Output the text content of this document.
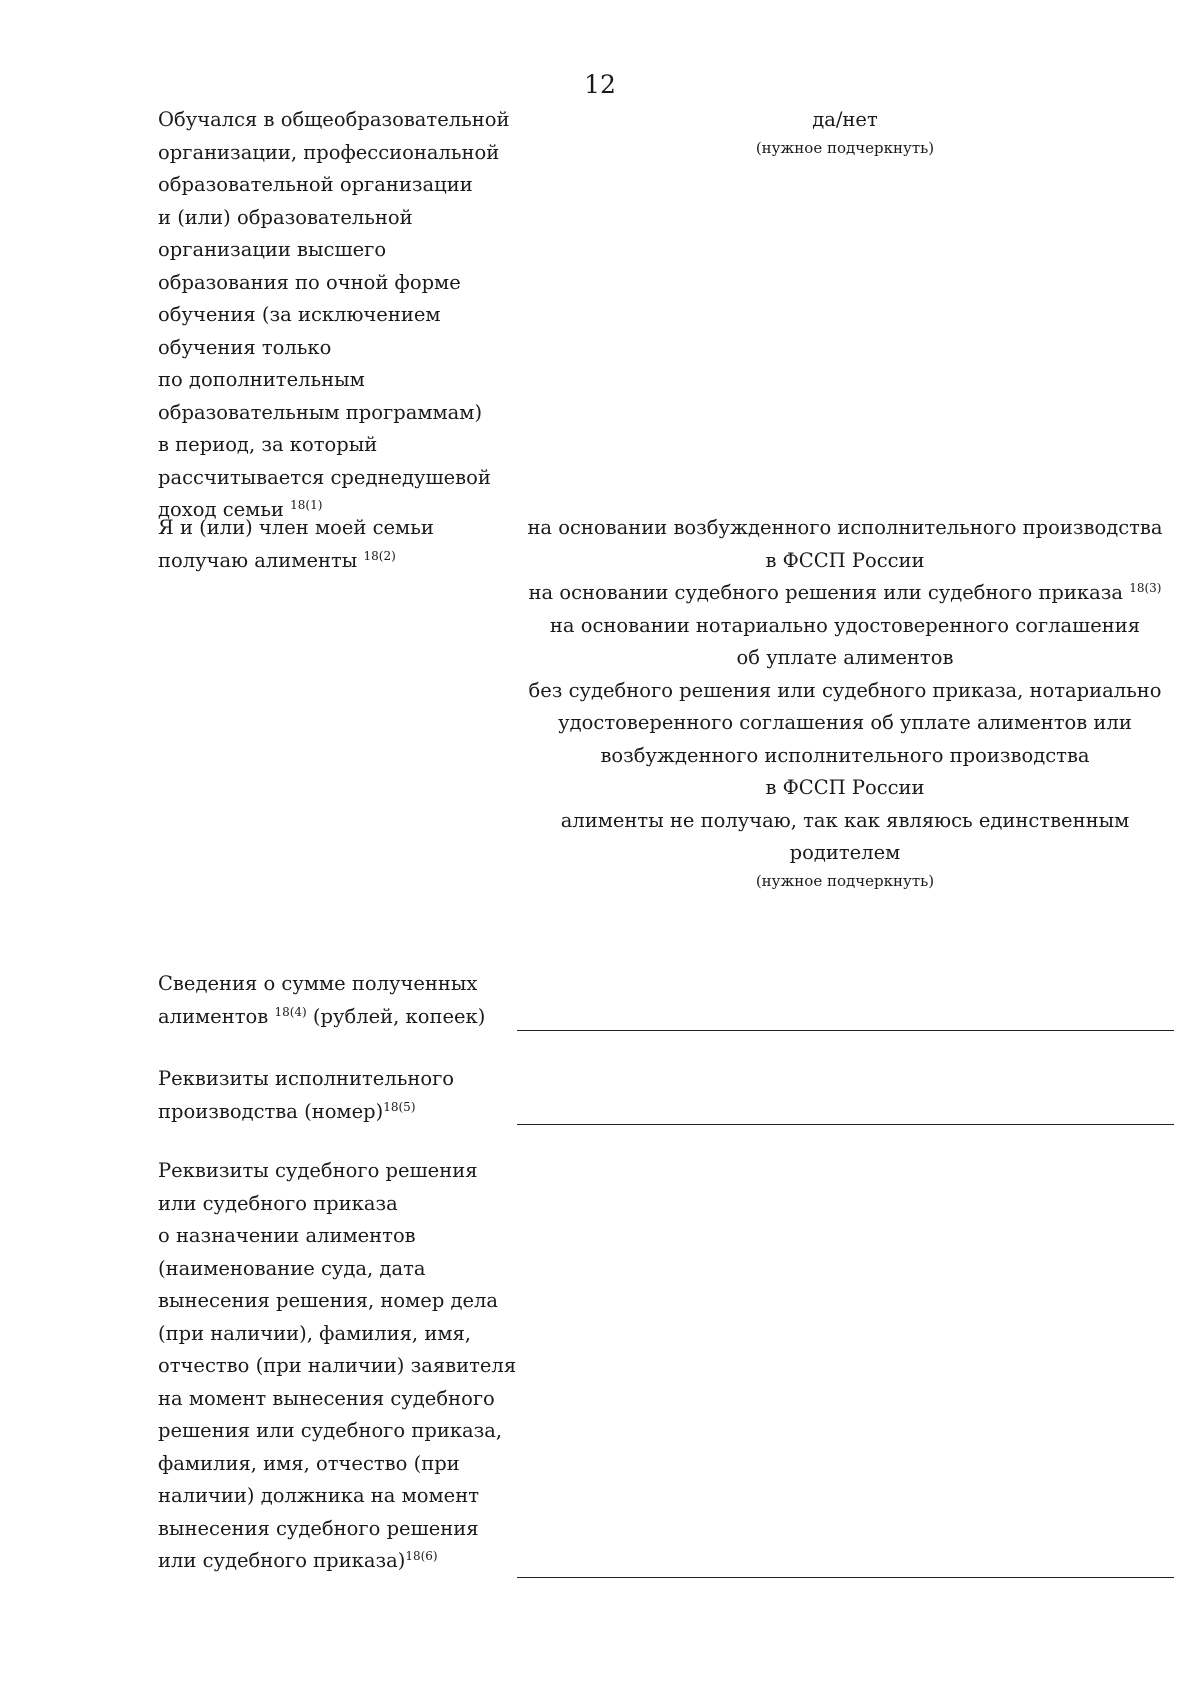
12
Обучался в общеобразовательной
организации, профессиональной
образовательной организации
и (или) образовательной
организации высшего
образования по очной форме
обучения (за исключением
обучения только
по дополнительным
образовательным программам)
в период, за который
рассчитывается среднедушевой
доход семьи $^{18(1)}$
да/нет
(нужное подчеркнуть)
Я и (или) член моей семьи
получаю алименты $^{18(2)}$
на основании возбужденного исполнительного производства
в ФССП России
на основании судебного решения или судебного приказа $^{18(3)}$
на основании нотариально удостоверенного соглашения
об уплате алиментов
без судебного решения или судебного приказа, нотариально
удостоверенного соглашения об уплате алиментов или
возбужденного исполнительного производства
в ФССП России
алименты не получаю, так как являюсь единственным
родителем
(нужное подчеркнуть)
Сведения о сумме полученных
алиментов $^{18(4)}$ (рублей, копеек)
Реквизиты исполнительного
производства (номер)$^{18(5)}$
Реквизиты судебного решения
или судебного приказа
о назначении алиментов
(наименование суда, дата
вынесения решения, номер дела
(при наличии), фамилия, имя,
отчество (при наличии) заявителя
на момент вынесения судебного
решения или судебного приказа,
фамилия, имя, отчество (при
наличии) должника на момент
вынесения судебного решения
или судебного приказа)$^{18(6)}$
